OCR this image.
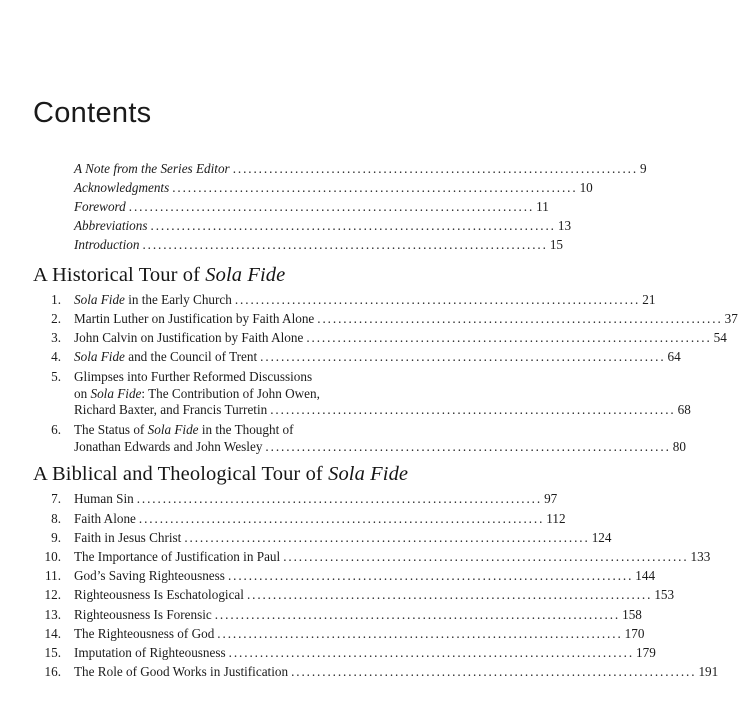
Contents
A Note from the Series Editor .............................................................................. 9
Acknowledgments .............................................................................. 10
Foreword .............................................................................. 11
Abbreviations .............................................................................. 13
Introduction .............................................................................. 15
A Historical Tour of Sola Fide
1. Sola Fide in the Early Church .............................................................................. 21
2. Martin Luther on Justification by Faith Alone .............................................................................. 37
3. John Calvin on Justification by Faith Alone .............................................................................. 54
4. Sola Fide and the Council of Trent .............................................................................. 64
5. Glimpses into Further Reformed Discussions
on Sola Fide: The Contribution of John Owen,
Richard Baxter, and Francis Turretin .............................................................................. 68
6. The Status of Sola Fide in the Thought of
Jonathan Edwards and John Wesley .............................................................................. 80
A Biblical and Theological Tour of Sola Fide
7. Human Sin .............................................................................. 97
8. Faith Alone .............................................................................. 112
9. Faith in Jesus Christ .............................................................................. 124
10. The Importance of Justification in Paul .............................................................................. 133
11. God’s Saving Righteousness .............................................................................. 144
12. Righteousness Is Eschatological .............................................................................. 153
13. Righteousness Is Forensic .............................................................................. 158
14. The Righteousness of God .............................................................................. 170
15. Imputation of Righteousness .............................................................................. 179
16. The Role of Good Works in Justification .............................................................................. 191
